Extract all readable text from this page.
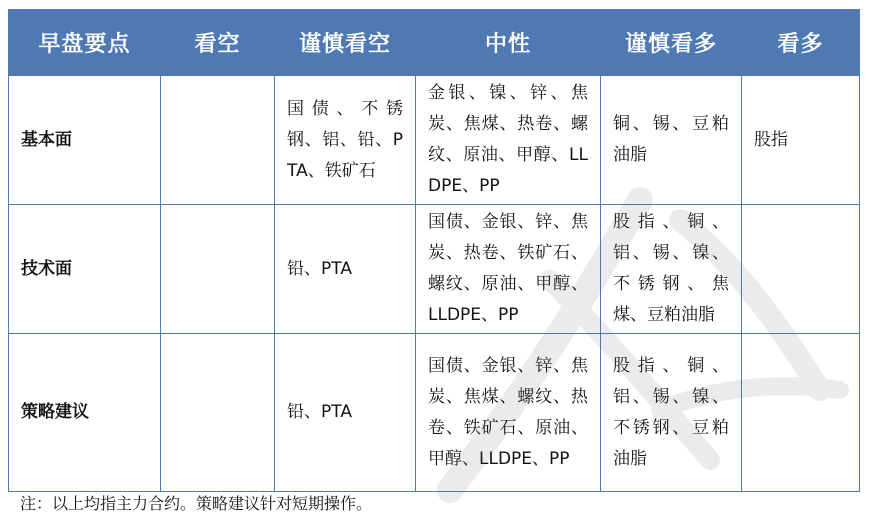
早盘要点	看空	谨慎看空	中性	谨慎看多	看多
基本面		国债、不锈钢、铝、铅、PTA、铁矿石	金银、镍、锌、焦炭、焦煤、热卷、螺纹、原油、甲醇、LLDPE、PP	铜、锡、豆粕油脂	股指
技术面		铅、PTA	国债、金银、锌、焦炭、热卷、铁矿石、螺纹、原油、甲醇、LLDPE、PP	股指、铜、铝、锡、镍、不锈钢、焦煤、豆粕油脂	
策略建议		铅、PTA	国债、金银、锌、焦炭、焦煤、螺纹、热卷、铁矿石、原油、甲醇、LLDPE、PP	股指、铜、铝、锡、镍、不锈钢、豆粕油脂	
注：以上均指主力合约。策略建议针对短期操作。
